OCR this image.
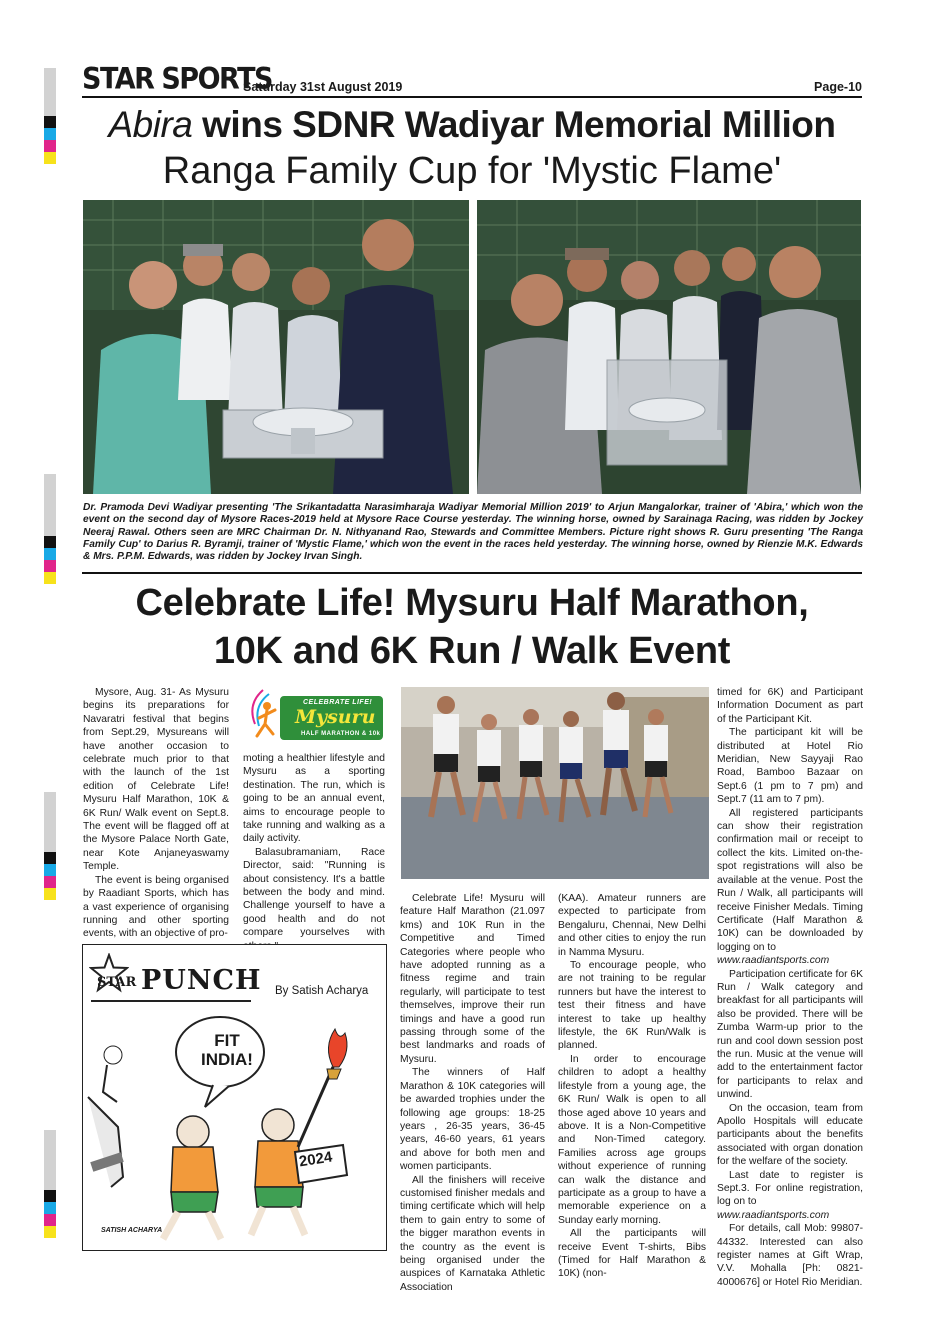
STAR SPORTS
Saturday 31st August 2019	Page-10
Abira wins SDNR Wadiyar Memorial Million
Ranga Family Cup for 'Mystic Flame'
Dr. Pramoda Devi Wadiyar presenting 'The Srikantadatta Narasimharaja Wadiyar Memorial Million 2019' to Arjun Mangalorkar, trainer of 'Abira,' which won the event on the second day of Mysore Races-2019 held at Mysore Race Course yesterday. The winning horse, owned by Sarainaga Racing, was ridden by Jockey Neeraj Rawal. Others seen are MRC Chairman Dr. N. Nithyanand Rao, Stewards and Committee Members. Picture right shows R. Guru presenting 'The Ranga Family Cup' to Darius R. Byramji, trainer of 'Mystic Flame,' which won the event in the races held yesterday. The winning horse, owned by Rienzie M.K. Edwards & Mrs. P.P.M. Edwards, was ridden by Jockey Irvan Singh.
Celebrate Life! Mysuru Half Marathon,
10K and 6K Run / Walk Event

Mysore, Aug. 31- As Mysuru begins its preparations for Navaratri festival that begins from Sept.29, Mysureans will have another occasion to celebrate much prior to that with the launch of the 1st edition of Celebrate Life! Mysuru Half Marathon, 10K & 6K Run/ Walk event on Sept.8. The event will be flagged off at the Mysore Palace North Gate, near Kote Anjaneyaswamy Temple.

The event is being organised by Raadiant Sports, which has a vast experience of organising running and other sporting events, with an objective of pro-

CELEBRATE LIFE!
Mysuru
HALF MARATHON & 10k

moting a healthier lifestyle and Mysuru as a sporting destination. The run, which is going to be an annual event, aims to encourage people to take running and walking as a daily activity.

Balasubramaniam, Race Director, said: "Running is about consistency. It's a battle between the body and mind. Challenge yourself to have a good health and do not compare yourselves with

Celebrate Life! Mysuru will feature Half Marathon (21.097 kms) and 10K Run in the Competitive and Timed Categories where people who have adopted running as a fitness regime and train regularly, will participate to test themselves, improve their run timings and have a good run passing through some of the best landmarks and roads of Mysuru.

The winners of Half Marathon & 10K categories will be awarded trophies under the following age groups: 18-25 years , 26-35 years, 36-45 years, 46-60 years, 61 years and above for both men and women participants.

All the finishers will receive customised finisher medals and timing certificate which will help them to gain entry to some of the bigger marathon events in the country as the event is being organised under the auspices of Karnataka Athletic Association

(KAA). Amateur runners are expected to participate from Bengaluru, Chennai, New Delhi and other cities to enjoy the run in Namma Mysuru.

To encourage people, who are not training to be regular runners but have the interest to test their fitness and have interest to take up healthy lifestyle, the 6K Run/Walk is planned.

In order to encourage children to adopt a healthy lifestyle from a young age, the 6K Run/ Walk is open to all those aged above 10 years and above. It is a Non-Competitive and Non-Timed category. Families across age groups without experience of running can walk the distance and participate as a group to have a memorable experience on a Sunday early morning.

All the participants will receive Event T-shirts, Bibs (Timed for Half Marathon & 10K) (non-

timed for 6K) and Participant Information Document as part of the Participant Kit.

The participant kit will be distributed at Hotel Rio Meridian, New Sayyaji Rao Road, Bamboo Bazaar on Sept.6 (1 pm to 7 pm) and Sept.7 (11 am to 7 pm).

All registered participants can show their registration confirmation mail or receipt to collect the kits. Limited on-the-spot registrations will also be available at the venue. Post the Run / Walk, all participants will receive Finisher Medals. Timing Certificate (Half Marathon & 10K) can be downloaded by logging on to

www.raadiantsports.com

Participation certificate for 6K Run / Walk category and breakfast for all participants will also be provided. There will be Zumba Warm-up prior to the run and cool down session post the run. Music at the venue will add to the entertainment factor for participants to relax and unwind.

On the occasion, team from Apollo Hospitals will educate participants about the benefits associated with organ donation for the welfare of the society.

Last date to register is Sept.3. For online registration, log on to

www.raadiantsports.com

For details, call Mob: 99807-44332. Interested can also register names at Gift Wrap, V.V. Mohalla [Ph: 0821-4000676] or Hotel Rio Meridian.

STAR PUNCH By Satish Acharya
FIT INDIA!
2024
SATISH ACHARYA
